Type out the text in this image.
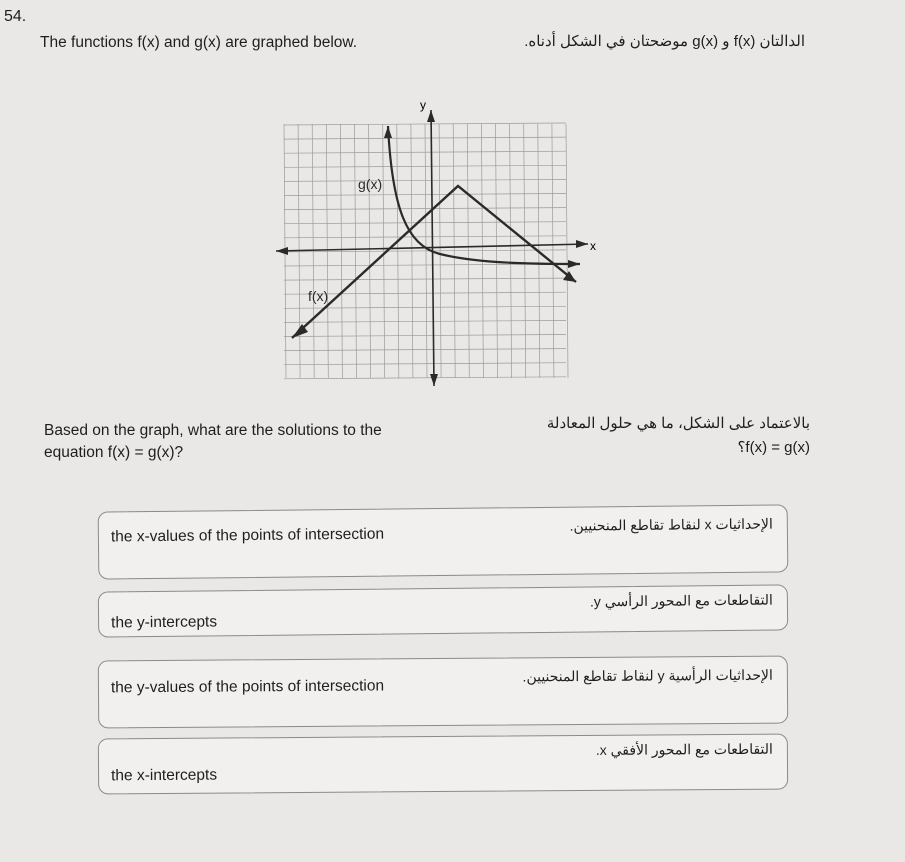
54.
The functions f(x) and g(x) are graphed below.	الدالتان f(x) و g(x) موضحتان في الشكل أدناه.
x
y
g(x)
f(x)
Based on the graph, what are the solutions to the equation f(x) = g(x)?
بالاعتماد على الشكل، ما هي حلول المعادلة
f(x) = g(x)؟
the x-values of the points of intersection
الإحداثيات x لنقاط تقاطع المنحنيين.
the y-intercepts
التقاطعات مع المحور الرأسي y.
the y-values of the points of intersection
الإحداثيات الرأسية y لنقاط تقاطع المنحنيين.
the x-intercepts
التقاطعات مع المحور الأفقي x.
